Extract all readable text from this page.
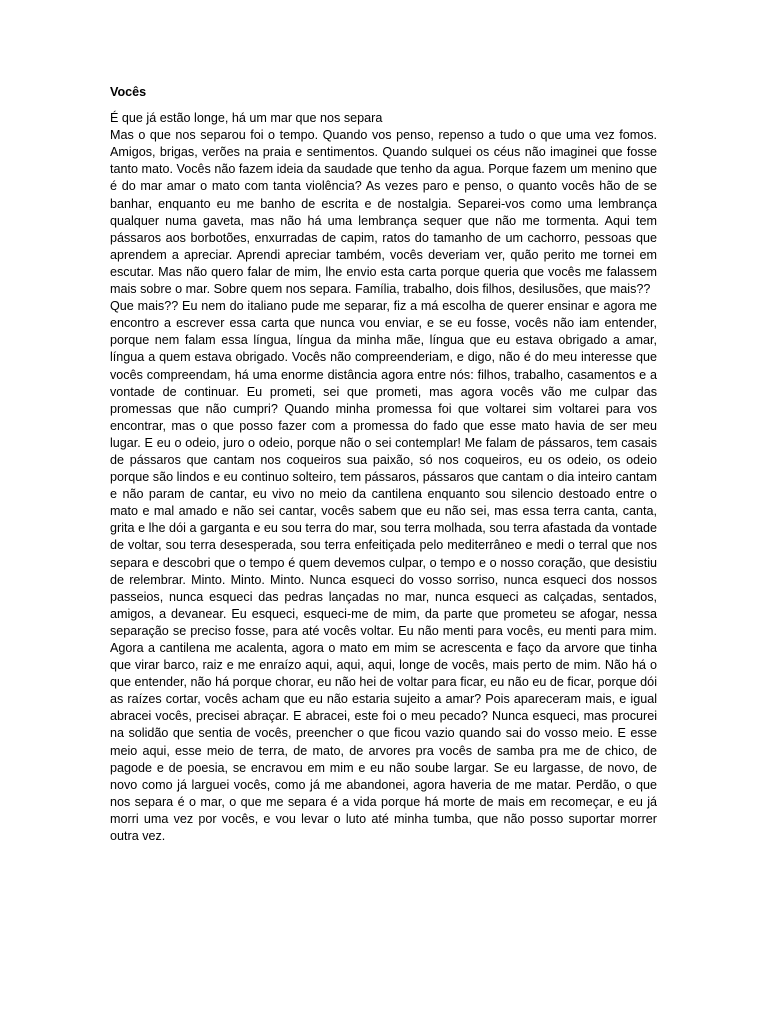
Vocês

É que já estão longe, há um mar que nos separa

Mas o que nos separou foi o tempo. Quando vos penso, repenso a tudo o que uma vez fomos. Amigos, brigas, verões na praia e sentimentos. Quando sulquei os céus não imaginei que fosse tanto mato. Vocês não fazem ideia da saudade que tenho da agua. Porque fazem um menino que é do mar amar o mato com tanta violência? As vezes paro e penso, o quanto vocês hão de se banhar, enquanto eu me banho de escrita e de nostalgia. Separei-vos como uma lembrança qualquer numa gaveta, mas não há uma lembrança sequer que não me tormenta. Aqui tem pássaros aos borbotões, enxurradas de capim, ratos do tamanho de um cachorro, pessoas que aprendem a apreciar. Aprendi apreciar também, vocês deveriam ver, quão perito me tornei em escutar. Mas não quero falar de mim, lhe envio esta carta porque queria que vocês me falassem mais sobre o mar. Sobre quem nos separa. Família, trabalho, dois filhos, desilusões, que mais??

Que mais?? Eu nem do italiano pude me separar, fiz a má escolha de querer ensinar e agora me encontro a escrever essa carta que nunca vou enviar, e se eu fosse, vocês não iam entender, porque nem falam essa língua, língua da minha mãe, língua que eu estava obrigado a amar, língua a quem estava obrigado. Vocês não compreenderiam, e digo, não é do meu interesse que vocês compreendam, há uma enorme distância agora entre nós: filhos, trabalho, casamentos e a vontade de continuar. Eu prometi, sei que prometi, mas agora vocês vão me culpar das promessas que não cumpri? Quando minha promessa foi que voltarei sim voltarei para vos encontrar, mas o que posso fazer com a promessa do fado que esse mato havia de ser meu lugar. E eu o odeio, juro o odeio, porque não o sei contemplar! Me falam de pássaros, tem casais de pássaros que cantam nos coqueiros sua paixão, só nos coqueiros, eu os odeio, os odeio porque são lindos e eu continuo solteiro, tem pássaros, pássaros que cantam o dia inteiro cantam e não param de cantar, eu vivo no meio da cantilena enquanto sou silencio destoado entre o mato e mal amado e não sei cantar, vocês sabem que eu não sei, mas essa terra canta, canta, grita e lhe dói a garganta e eu sou terra do mar, sou terra molhada, sou terra afastada da vontade de voltar, sou terra desesperada, sou terra enfeitiçada pelo mediterrâneo e medi o terral que nos separa e descobri que o tempo é quem devemos culpar, o tempo e o nosso coração, que desistiu de relembrar. Minto. Minto. Minto. Nunca esqueci do vosso sorriso, nunca esqueci dos nossos passeios, nunca esqueci das pedras lançadas no mar, nunca esqueci as calçadas, sentados, amigos, a devanear. Eu esqueci, esqueci-me de mim, da parte que prometeu se afogar, nessa separação se preciso fosse, para até vocês voltar. Eu não menti para vocês, eu menti para mim. Agora a cantilena me acalenta, agora o mato em mim se acrescenta e faço da arvore que tinha que virar barco, raiz e me enraízo aqui, aqui, aqui, longe de vocês, mais perto de mim. Não há o que entender, não há porque chorar, eu não hei de voltar para ficar, eu não eu de ficar, porque dói as raízes cortar, vocês acham que eu não estaria sujeito a amar? Pois apareceram mais, e igual abracei vocês, precisei abraçar. E abracei, este foi o meu pecado? Nunca esqueci, mas procurei na solidão que sentia de vocês, preencher o que ficou vazio quando sai do vosso meio. E esse meio aqui, esse meio de terra, de mato, de arvores pra vocês de samba pra me de chico, de pagode e de poesia, se encravou em mim e eu não soube largar. Se eu largasse, de novo, de novo como já larguei vocês, como já me abandonei, agora haveria de me matar. Perdão, o que nos separa é o mar, o que me separa é a vida porque há morte de mais em recomeçar, e eu já morri uma vez por vocês, e vou levar o luto até minha tumba, que não posso suportar morrer outra vez.
